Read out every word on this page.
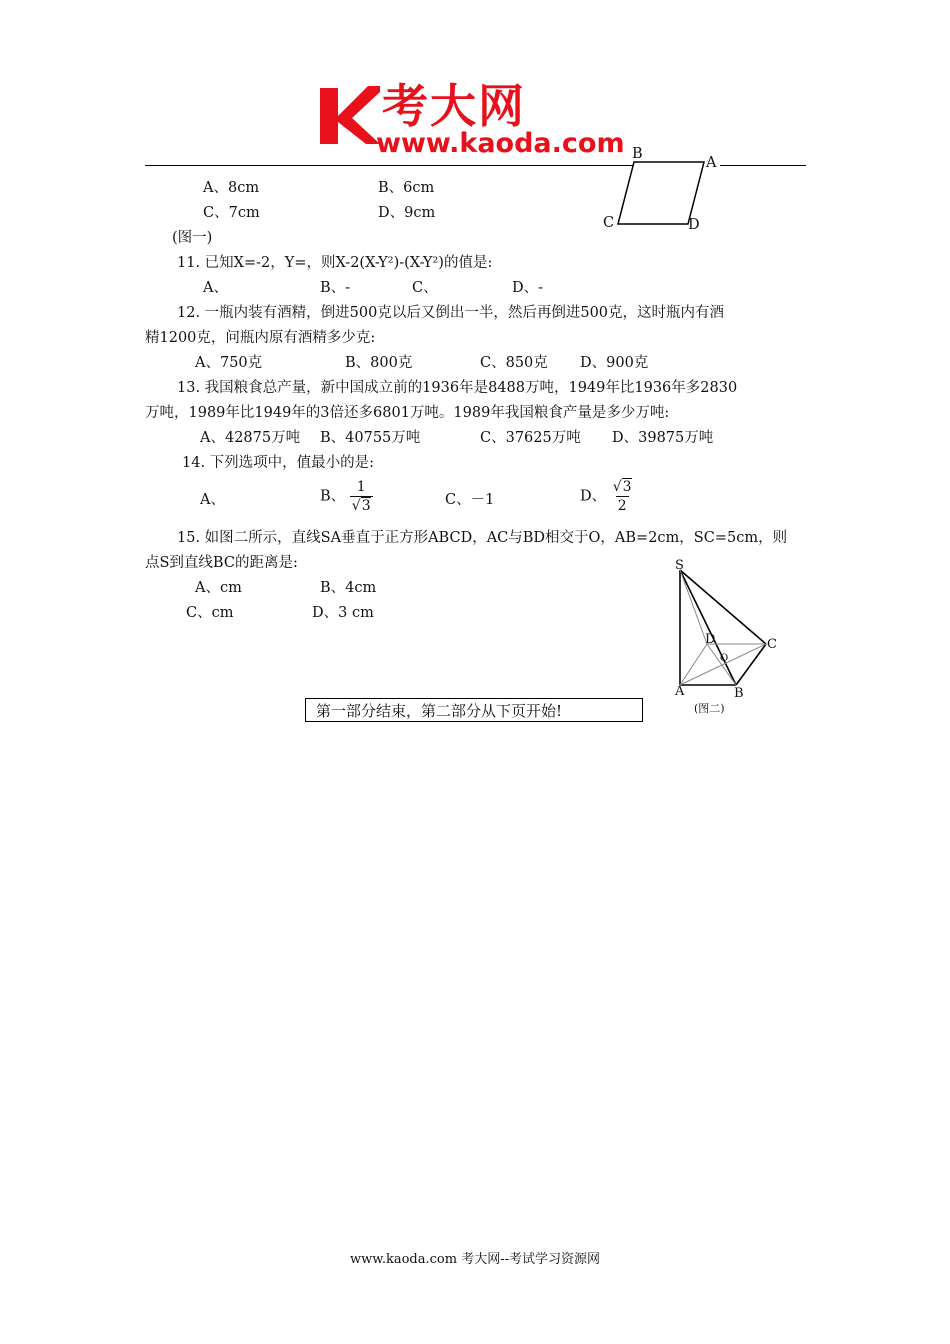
考大网
www.kaoda.com B
A
C	D
A、8cm	B、6cm
C、7cm	D、9cm
(图一)
11. 已知X=-2，Y=，则X-2(X-Y²)-(X-Y²)的值是:
A、	B、-	C、	D、-
12. 一瓶内装有酒精，倒进500克以后又倒出一半，然后再倒进500克，这时瓶内有酒
精1200克，问瓶内原有酒精多少克:
A、750克	B、800克	C、850克 D、900克
13. 我国粮食总产量，新中国成立前的1936年是8488万吨，1949年比1936年多2830
万吨，1989年比1949年的3倍还多6801万吨。1989年我国粮食产量是多少万吨:
A、42875万吨 B、40755万吨	C、37625万吨 D、39875万吨
14. 下列选项中，值最小的是:
A、	B、 $\frac{1}{√3}$	C、－1	D、 $\frac{√3}{2}$
15. 如图二所示，直线SA垂直于正方形ABCD，AC与BD相交于O，AB=2cm，SC=5cm，则
点S到直线BC的距离是:
A、cm	B、4cm
C、cm	D、3 cm
S
D	C
O
A	B
(图二)
第一部分结束，第二部分从下页开始!
www.kaoda.com 考大网--考试学习资源网
